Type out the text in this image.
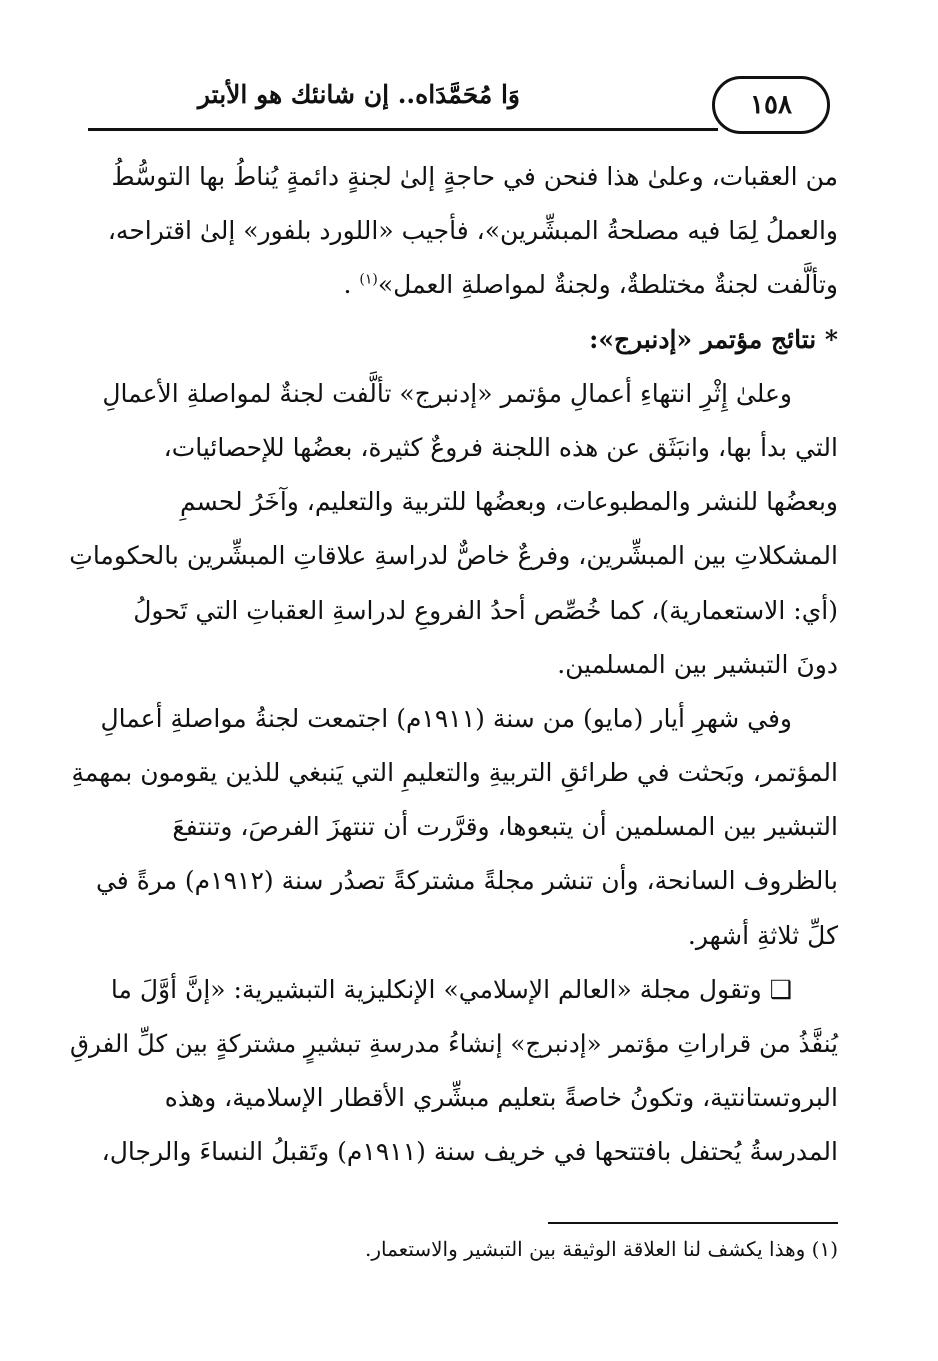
١٥٨
وَا مُحَمَّدَاه.. إن شانئك هو الأبتر
من العقبات، وعلىٰ هذا فنحن في حاجةٍ إلىٰ لجنةٍ دائمةٍ يُناطُ بها التوسُّطُ
والعملُ لِمَا فيه مصلحةُ المبشِّرين»، فأجيب «اللورد بلفور» إلىٰ اقتراحه،
وتألَّفت لجنةٌ مختلطةٌ، ولجنةٌ لمواصلةِ العمل»$^{(١)}$ .
* نتائج مؤتمر «إدنبرج»:
وعلىٰ إِثْرِ انتهاءِ أعمالِ مؤتمر «إدنبرج» تألَّفت لجنةٌ لمواصلةِ الأعمالِ
التي بدأ بها، وانبَثَق عن هذه اللجنة فروعٌ كثيرة، بعضُها للإحصائيات،
وبعضُها للنشر والمطبوعات، وبعضُها للتربية والتعليم، وآخَرُ لحسمِ
المشكلاتِ بين المبشِّرين، وفرعٌ خاصٌّ لدراسةِ علاقاتِ المبشِّرين بالحكوماتِ
(أي: الاستعمارية)، كما خُصِّص أحدُ الفروعِ لدراسةِ العقباتِ التي تَحولُ
دونَ التبشير بين المسلمين.
وفي شهرِ أيار (مايو) من سنة (١٩١١م) اجتمعت لجنةُ مواصلةِ أعمالِ
المؤتمر، وبَحثت في طرائقِ التربيةِ والتعليمِ التي يَنبغي للذين يقومون بمهمةِ
التبشير بين المسلمين أن يتبعوها، وقرَّرت أن تنتهزَ الفرصَ، وتنتفعَ
بالظروف السانحة، وأن تنشر مجلةً مشتركةً تصدُر سنة (١٩١٢م) مرةً في
كلِّ ثلاثةِ أشهر.
❑ وتقول مجلة «العالم الإسلامي» الإنكليزية التبشيرية: «إنَّ أوَّلَ ما
يُنفَّذُ من قراراتِ مؤتمر «إدنبرج» إنشاءُ مدرسةِ تبشيرٍ مشتركةٍ بين كلِّ الفرقِ
البروتستانتية، وتكونُ خاصةً بتعليم مبشِّري الأقطار الإسلامية، وهذه
المدرسةُ يُحتفل بافتتحها في خريف سنة (١٩١١م) وتَقبلُ النساءَ والرجال،
(١) وهذا يكشف لنا العلاقة الوثيقة بين التبشير والاستعمار.
